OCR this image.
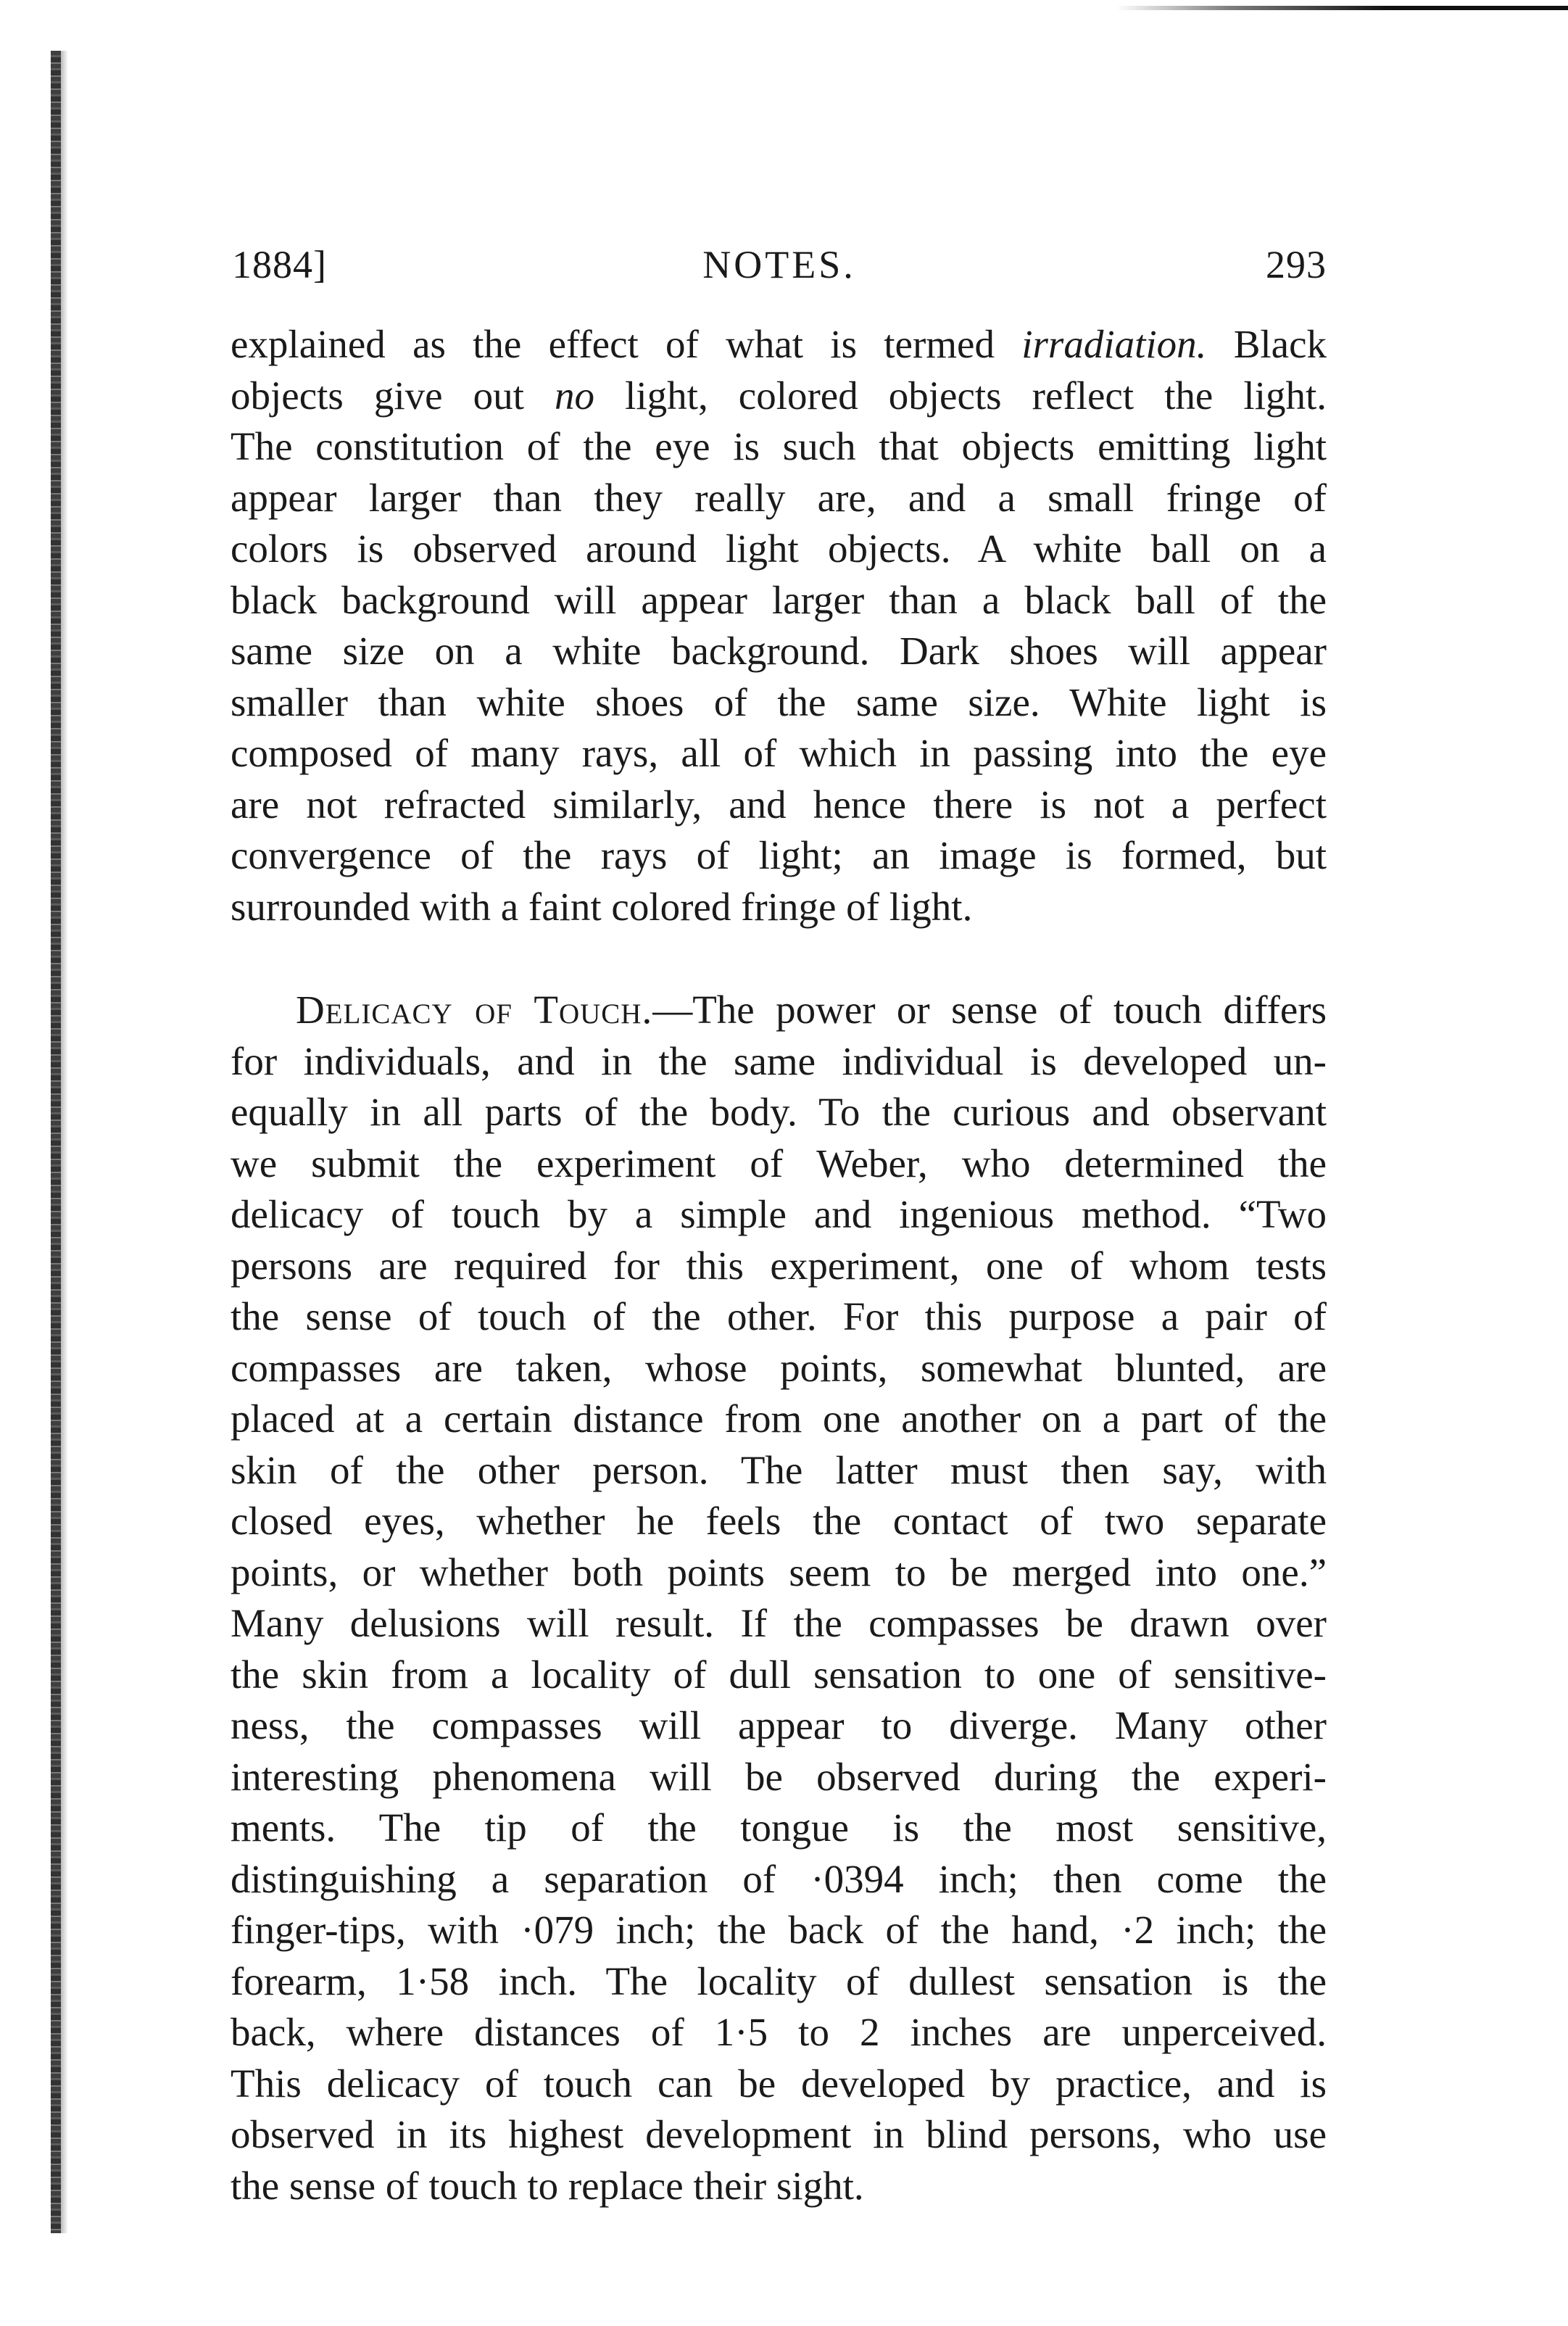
1884]	NOTES.	293
explained as the effect of what is termed irradiation. Black
objects give out no light, colored objects reflect the light.
The constitution of the eye is such that objects emitting light
appear larger than they really are, and a small fringe of
colors is observed around light objects. A white ball on a
black background will appear larger than a black ball of the
same size on a white background. Dark shoes will appear
smaller than white shoes of the same size. White light is
composed of many rays, all of which in passing into the eye
are not refracted similarly, and hence there is not a perfect
convergence of the rays of light; an image is formed, but
surrounded with a faint colored fringe of light.
Delicacy of Touch.—The power or sense of touch differs
for individuals, and in the same individual is developed un-
equally in all parts of the body. To the curious and observant
we submit the experiment of Weber, who determined the
delicacy of touch by a simple and ingenious method. “Two
persons are required for this experiment, one of whom tests
the sense of touch of the other. For this purpose a pair of
compasses are taken, whose points, somewhat blunted, are
placed at a certain distance from one another on a part of the
skin of the other person. The latter must then say, with
closed eyes, whether he feels the contact of two separate
points, or whether both points seem to be merged into one.”
Many delusions will result. If the compasses be drawn over
the skin from a locality of dull sensation to one of sensitive-
ness, the compasses will appear to diverge. Many other
interesting phenomena will be observed during the experi-
ments. The tip of the tongue is the most sensitive,
distinguishing a separation of ·0394 inch; then come the
finger-tips, with ·079 inch; the back of the hand, ·2 inch; the
forearm, 1·58 inch. The locality of dullest sensation is the
back, where distances of 1·5 to 2 inches are unperceived.
This delicacy of touch can be developed by practice, and is
observed in its highest development in blind persons, who use
the sense of touch to replace their sight.
